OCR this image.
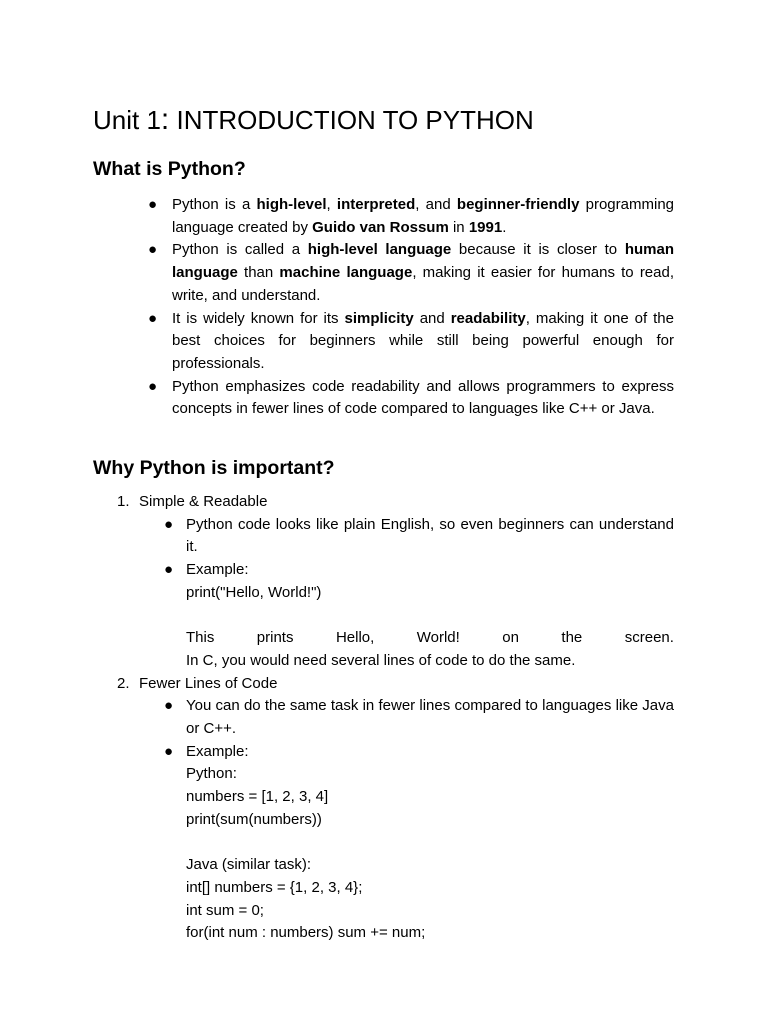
Unit 1: INTRODUCTION TO PYTHON
What is Python?
● Python is a high-level, interpreted, and beginner-friendly programming language created by Guido van Rossum in 1991.
● Python is called a high-level language because it is closer to human language than machine language, making it easier for humans to read, write, and understand.
● It is widely known for its simplicity and readability, making it one of the best choices for beginners while still being powerful enough for professionals.
● Python emphasizes code readability and allows programmers to express concepts in fewer lines of code compared to languages like C++ or Java.
Why Python is important?
1. Simple & Readable
● Python code looks like plain English, so even beginners can understand it.
● Example:
print("Hello, World!")

This	prints	Hello,	World!	on	the	screen.
In C, you would need several lines of code to do the same.
2. Fewer Lines of Code
● You can do the same task in fewer lines compared to languages like Java or C++.
● Example:
Python:
numbers = [1, 2, 3, 4]
print(sum(numbers))

Java (similar task):
int[] numbers = {1, 2, 3, 4};
int sum = 0;
for(int num : numbers) sum += num;
